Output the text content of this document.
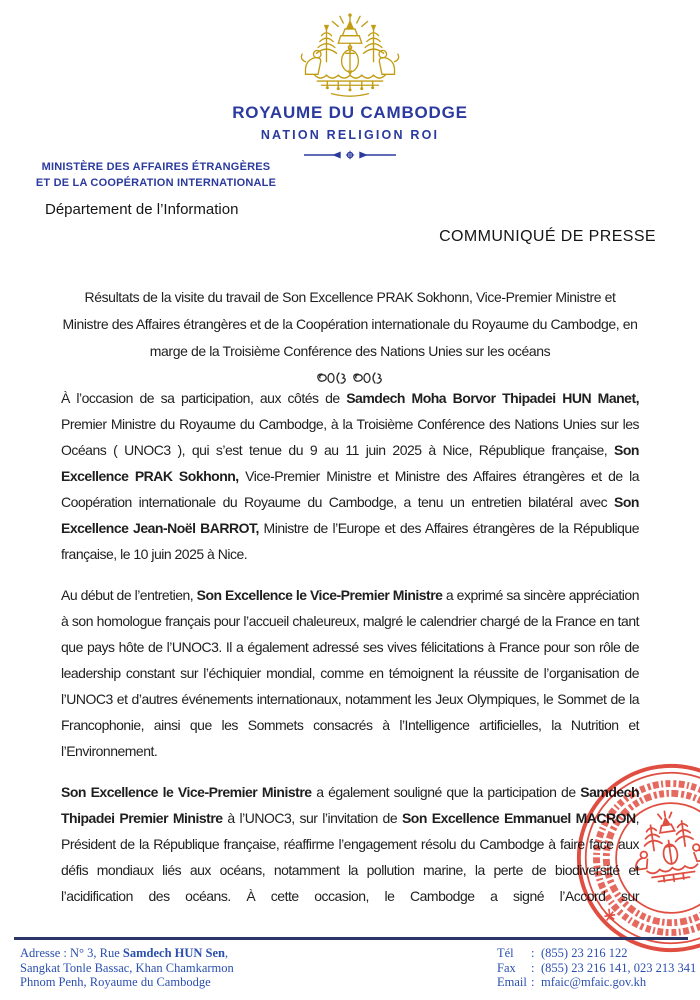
ROYAUME DU CAMBODGE
NATION RELIGION ROI
MINISTÈRE DES AFFAIRES ÉTRANGÈRES
ET DE LA COOPÉRATION INTERNATIONALE
Département de l’Information
COMMUNIQUÉ DE PRESSE

Résultats de la visite du travail de Son Excellence PRAK Sokhonn, Vice-Premier Ministre et Ministre des Affaires étrangères et de la Coopération internationale du Royaume du Cambodge, en marge de la Troisième Conférence des Nations Unies sur les océans

À l’occasion de sa participation, aux côtés de Samdech Moha Borvor Thipadei HUN Manet, Premier Ministre du Royaume du Cambodge, à la Troisième Conférence des Nations Unies sur les Océans ( UNOC3 ), qui s’est tenue du 9 au 11 juin 2025 à Nice, République française, Son Excellence PRAK Sokhonn, Vice-Premier Ministre et Ministre des Affaires étrangères et de la Coopération internationale du Royaume du Cambodge, a tenu un entretien bilatéral avec Son Excellence Jean-Noël BARROT, Ministre de l’Europe et des Affaires étrangères de la République française, le 10 juin 2025 à Nice.

Au début de l’entretien, Son Excellence le Vice-Premier Ministre a exprimé sa sincère appréciation à son homologue français pour l’accueil chaleureux, malgré le calendrier chargé de la France en tant que pays hôte de l’UNOC3. Il a également adressé ses vives félicitations à France pour son rôle de leadership constant sur l’échiquier mondial, comme en témoignent la réussite de l’organisation de l’UNOC3 et d’autres événements internationaux, notamment les Jeux Olympiques, le Sommet de la Francophonie, ainsi que les Sommets consacrés à l’Intelligence artificielles, la Nutrition et l’Environnement.

Son Excellence le Vice-Premier Ministre a également souligné que la participation de Samdech Thipadei Premier Ministre à l’UNOC3, sur l’invitation de Son Excellence Emmanuel MACRON, Président de la République française, réaffirme l’engagement résolu du Cambodge à faire face aux défis mondiaux liés aux océans, notamment la pollution marine, la perte de biodiversité et l’acidification des océans. À cette occasion, le Cambodge a signé l’Accord sur

Adresse : N° 3, Rue Samdech HUN Sen,
Sangkat Tonle Bassac, Khan Chamkarmon
Phnom Penh, Royaume du Cambodge
Tél : (855) 23 216 122
Fax : (855) 23 216 141, 023 213 341
Email : mfaic@mfaic.gov.kh
